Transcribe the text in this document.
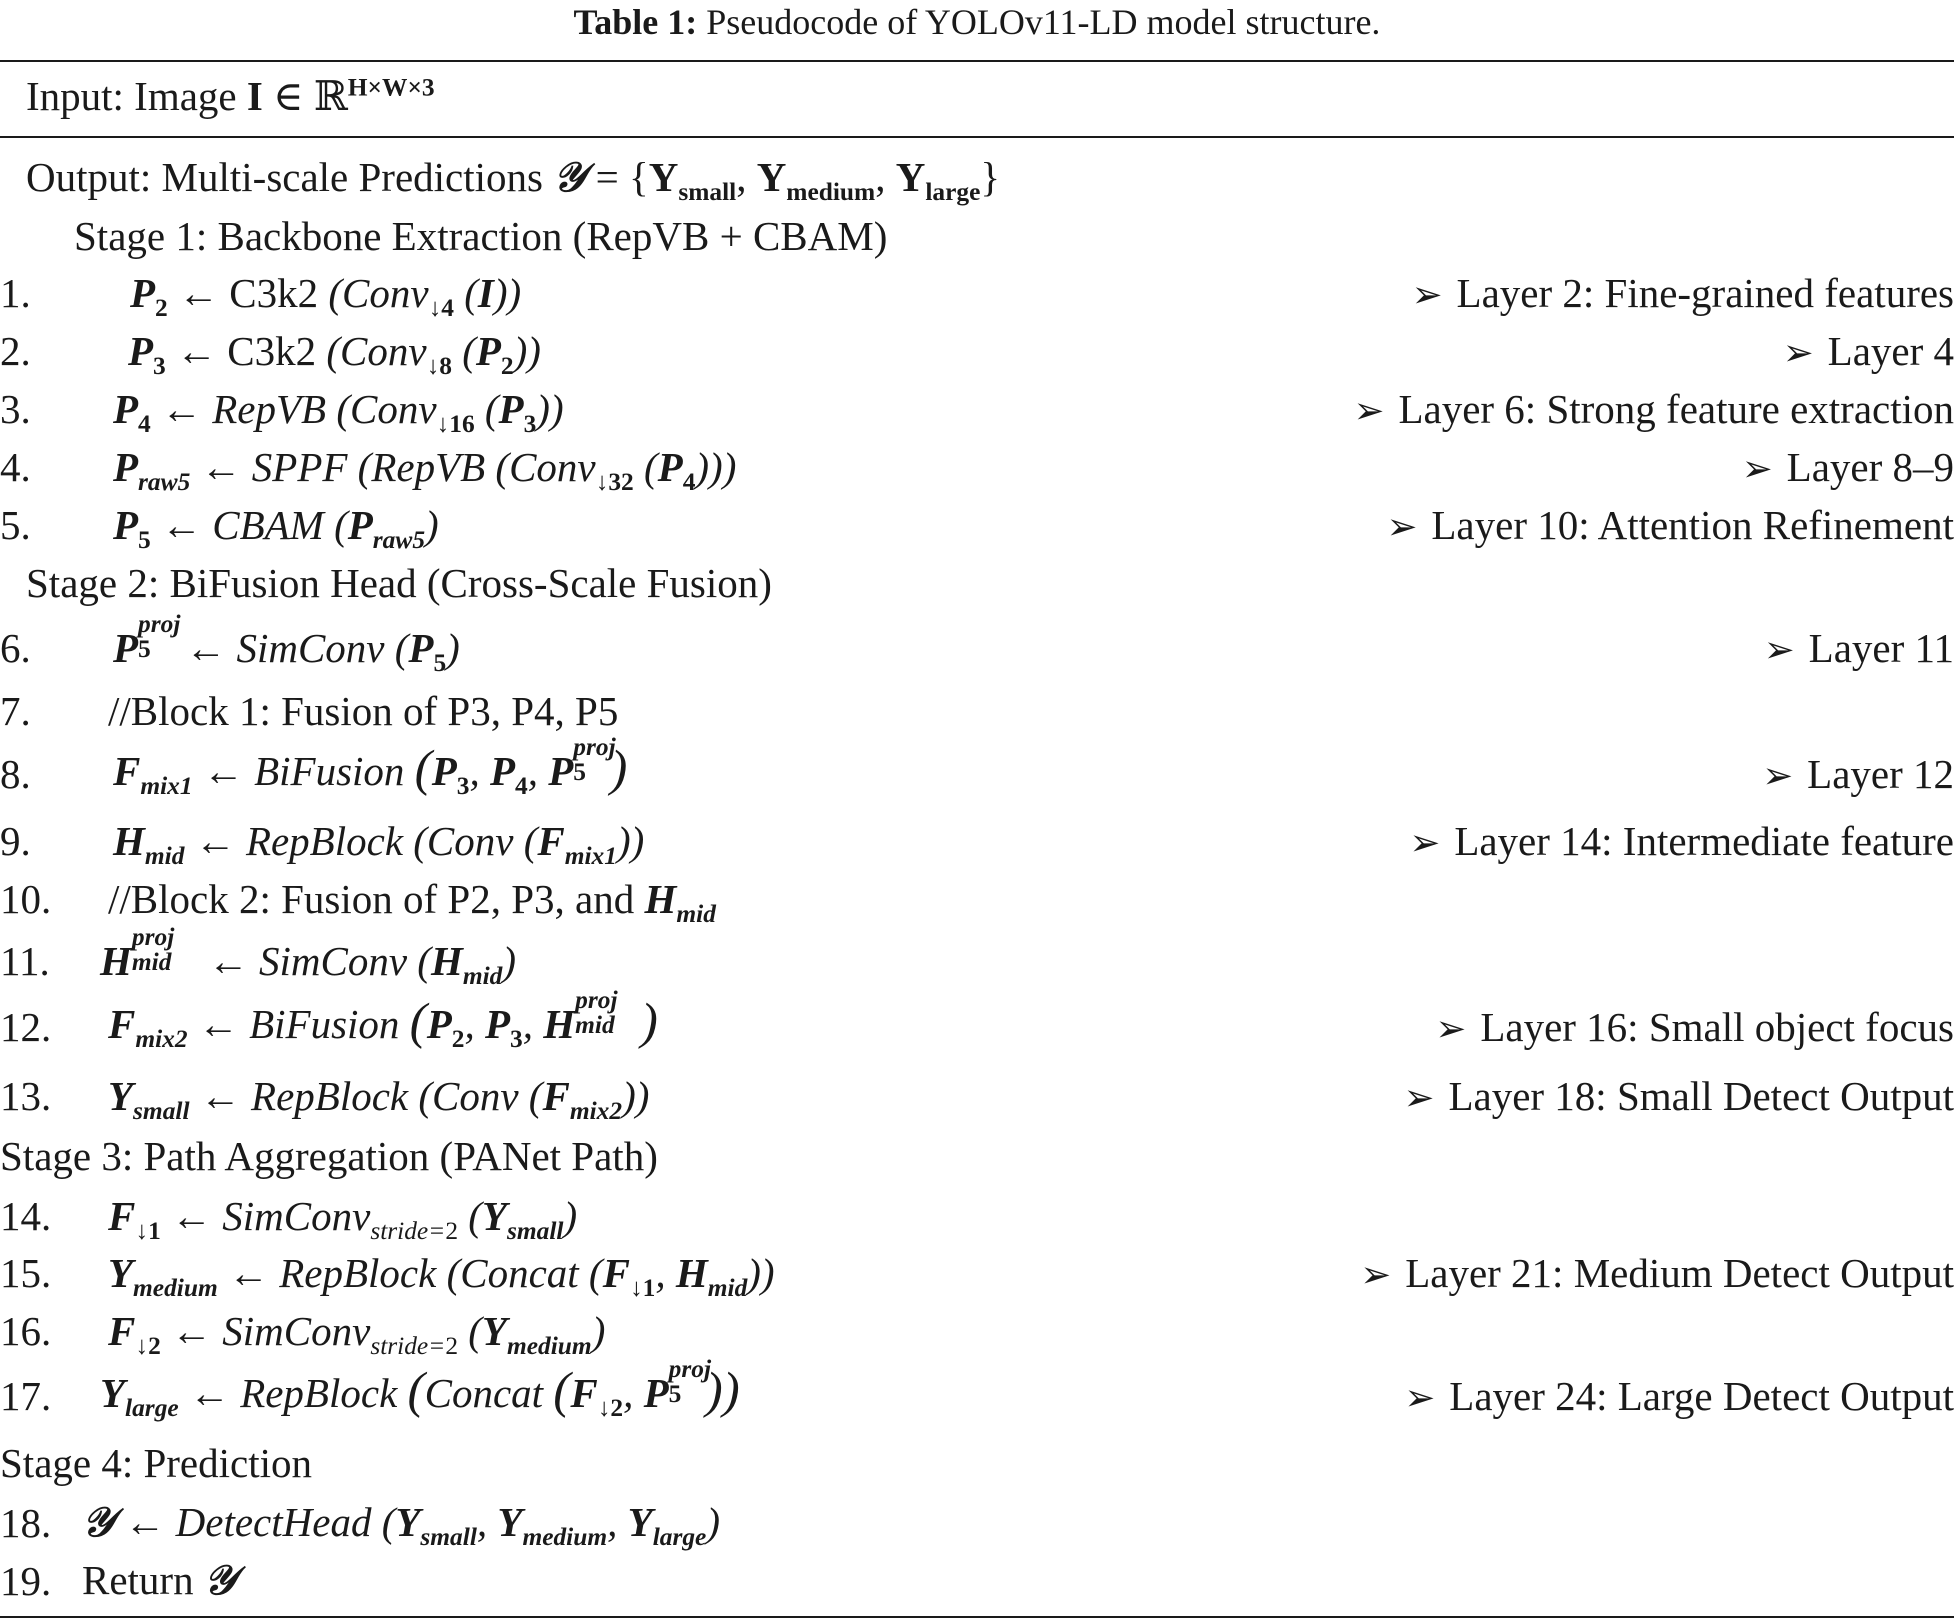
Table 1: Pseudocode of YOLOv11-LD model structure.
Input: Image I ∈ ℝ$^{H\times W\times 3}$
Output: Multi-scale Predictions 𝒴 = {$Y_{small}$, $Y_{medium}$, $Y_{large}$}
Stage 1: Backbone Extraction (RepVB + CBAM)
1. $P_2$ ← C3k2 (Conv$_{↓4}$ (I))	➢ Layer 2: Fine-grained features
2. $P_3$ ← C3k2 (Conv$_{↓8}$ $(P_2)$)	➢ Layer 4
3. $P_4$ ← RepVB (Conv$_{↓16}$ $(P_3)$)	➢ Layer 6: Strong feature extraction
4. $P_{raw5}$ ← SPPF (RepVB (Conv$_{↓32}$ $(P_4)$))	➢ Layer 8–9
5. $P_5$ ← CBAM $(P_{raw5})$	➢ Layer 10: Attention Refinement
Stage 2: BiFusion Head (Cross-Scale Fusion)
6. P
proj
5 ← SimConv $(P_5)$	➢ Layer 11
7. //Block 1: Fusion of P3, P4, P5
8. $F_{mix1}$ ← BiFusion ($P_3$, $P_4$, P
proj
5 )	➢ Layer 12
9. $H_{mid}$ ← RepBlock (Conv $(F_{mix1})$)	➢ Layer 14: Intermediate feature
10. //Block 2: Fusion of P2, P3, and $H_{mid}$
11. H
proj
mid ← SimConv $(H_{mid})$
12. $F_{mix2}$ ← BiFusion ($P_2$, $P_3$, H
proj
mid )	➢ Layer 16: Small object focus
13. $Y_{small}$ ← RepBlock (Conv $(F_{mix2})$)	➢ Layer 18: Small Detect Output
Stage 3: Path Aggregation (PANet Path)
14. $F_{↓1}$ ← SimConv$_{stride=2}$ $(Y_{small})$
15. $Y_{medium}$ ← RepBlock (Concat ($F_{↓1}$, $H_{mid}$))	➢ Layer 21: Medium Detect Output
16. $F_{↓2}$ ← SimConv$_{stride=2}$ $(Y_{medium})$
17. $Y_{large}$ ← RepBlock (Concat ($F_{↓2}$, P
proj
5 ))	➢ Layer 24: Large Detect Output
Stage 4: Prediction
18. 𝒴 ← DetectHead ($Y_{small}$, $Y_{medium}$, $Y_{large}$)
19. Return 𝒴
